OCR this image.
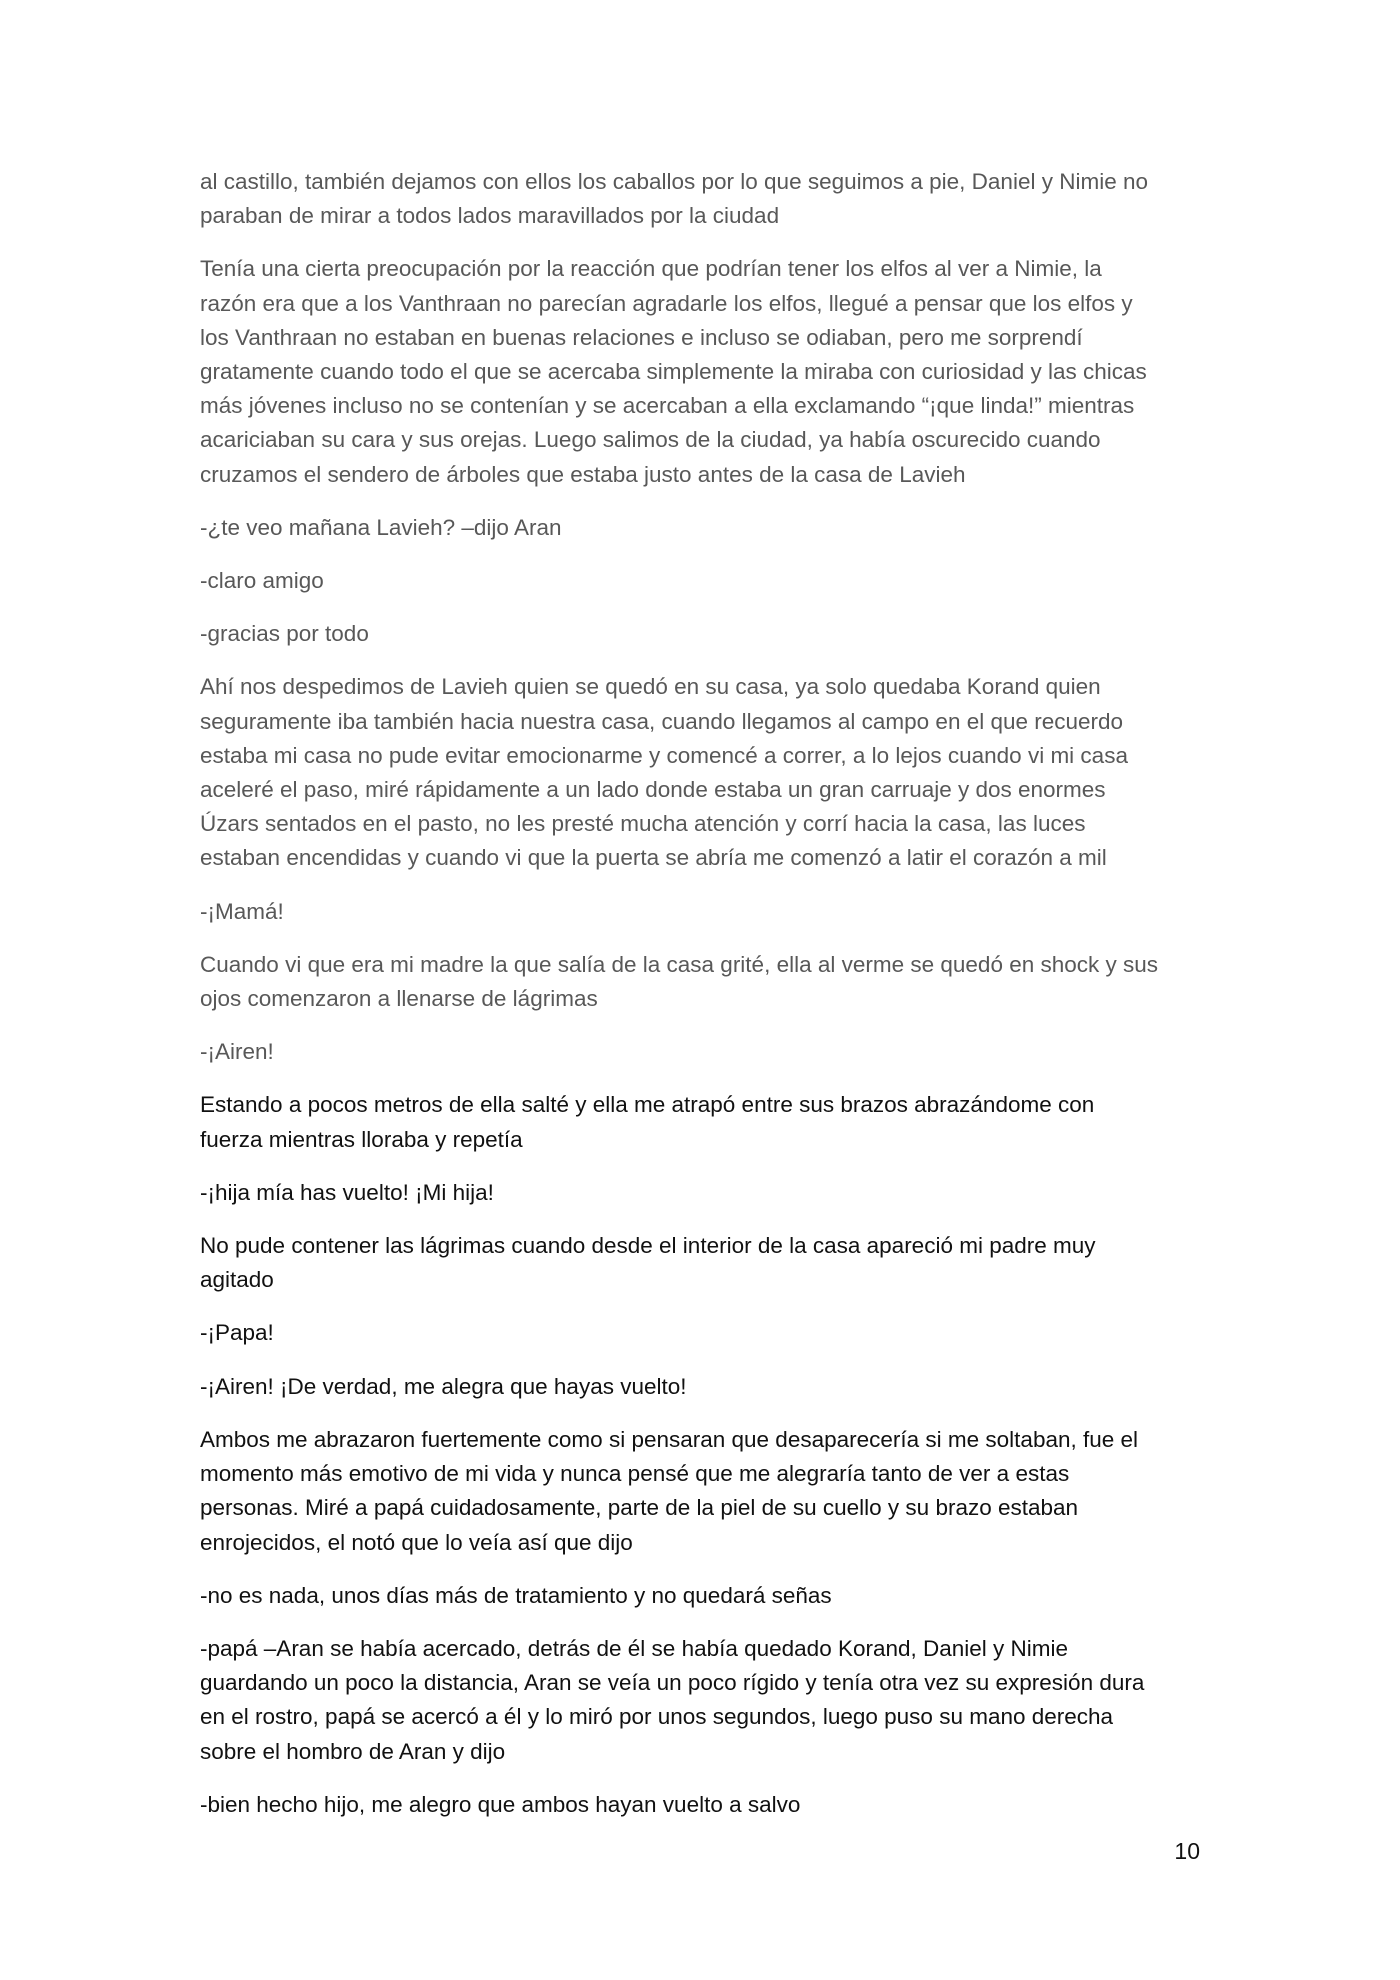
al castillo, también dejamos con ellos los caballos por lo que seguimos a pie, Daniel y Nimie no
paraban de mirar a todos lados maravillados por la ciudad

Tenía una cierta preocupación por la reacción que podrían tener los elfos al ver a Nimie, la
razón era que a los Vanthraan no parecían agradarle los elfos, llegué a pensar que los elfos y
los Vanthraan no estaban en buenas relaciones e incluso se odiaban, pero me sorprendí
gratamente cuando todo el que se acercaba simplemente la miraba con curiosidad y las chicas
más jóvenes incluso no se contenían y se acercaban a ella exclamando “¡que linda!” mientras
acariciaban su cara y sus orejas. Luego salimos de la ciudad, ya había oscurecido cuando
cruzamos el sendero de árboles que estaba justo antes de la casa de Lavieh

-¿te veo mañana Lavieh? –dijo Aran

-claro amigo

-gracias por todo

Ahí nos despedimos de Lavieh quien se quedó en su casa, ya solo quedaba Korand quien
seguramente iba también hacia nuestra casa, cuando llegamos al campo en el que recuerdo
estaba mi casa no pude evitar emocionarme y comencé a correr, a lo lejos cuando vi mi casa
aceleré el paso, miré rápidamente a un lado donde estaba un gran carruaje y dos enormes
Úzars sentados en el pasto, no les presté mucha atención y corrí hacia la casa, las luces
estaban encendidas y cuando vi que la puerta se abría me comenzó a latir el corazón a mil

-¡Mamá!

Cuando vi que era mi madre la que salía de la casa grité, ella al verme se quedó en shock y sus
ojos comenzaron a llenarse de lágrimas

-¡Airen!

Estando a pocos metros de ella salté y ella me atrapó entre sus brazos abrazándome con
fuerza mientras lloraba y repetía

-¡hija mía has vuelto! ¡Mi hija!

No pude contener las lágrimas cuando desde el interior de la casa apareció mi padre muy
agitado

-¡Papa!

-¡Airen! ¡De verdad, me alegra que hayas vuelto!

Ambos me abrazaron fuertemente como si pensaran que desaparecería si me soltaban, fue el
momento más emotivo de mi vida y nunca pensé que me alegraría tanto de ver a estas
personas. Miré a papá cuidadosamente, parte de la piel de su cuello y su brazo estaban
enrojecidos, el notó que lo veía así que dijo

-no es nada, unos días más de tratamiento y no quedará señas

-papá –Aran se había acercado, detrás de él se había quedado Korand, Daniel y Nimie
guardando un poco la distancia, Aran se veía un poco rígido y tenía otra vez su expresión dura
en el rostro, papá se acercó a él y lo miró por unos segundos, luego puso su mano derecha
sobre el hombro de Aran y dijo

-bien hecho hijo, me alegro que ambos hayan vuelto a salvo

10
